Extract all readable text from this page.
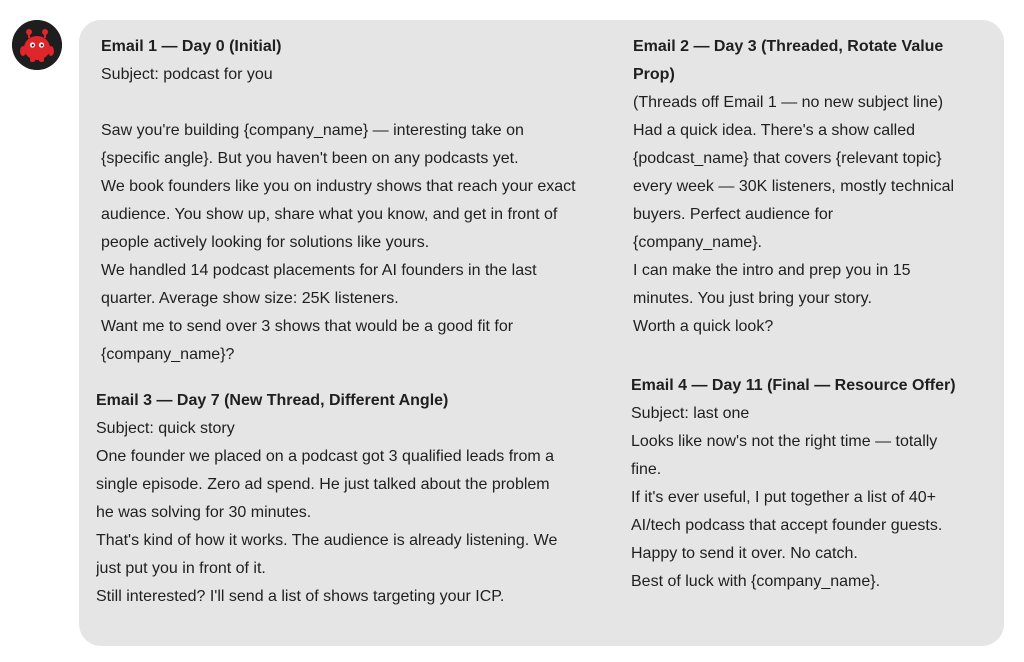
Email 1 — Day 0 (Initial)
Subject: podcast for you
Saw you're building {company_name} — interesting take on
{specific angle}. But you haven't been on any podcasts yet.
We book founders like you on industry shows that reach your exact
audience. You show up, share what you know, and get in front of
people actively looking for solutions like yours.
We handled 14 podcast placements for AI founders in the last
quarter. Average show size: 25K listeners.
Want me to send over 3 shows that would be a good fit for
{company_name}?
Email 2 — Day 3 (Threaded, Rotate Value
Prop)
(Threads off Email 1 — no new subject line)
Had a quick idea. There's a show called
{podcast_name} that covers {relevant topic}
every week — 30K listeners, mostly technical
buyers. Perfect audience for
{company_name}.
I can make the intro and prep you in 15
minutes. You just bring your story.
Worth a quick look?
Email 3 — Day 7 (New Thread, Different Angle)
Subject: quick story
One founder we placed on a podcast got 3 qualified leads from a
single episode. Zero ad spend. He just talked about the problem
he was solving for 30 minutes.
That's kind of how it works. The audience is already listening. We
just put you in front of it.
Still interested? I'll send a list of shows targeting your ICP.
Email 4 — Day 11 (Final — Resource Offer)
Subject: last one
Looks like now's not the right time — totally
fine.
If it's ever useful, I put together a list of 40+
AI/tech podcass that accept founder guests.
Happy to send it over. No catch.
Best of luck with {company_name}.
